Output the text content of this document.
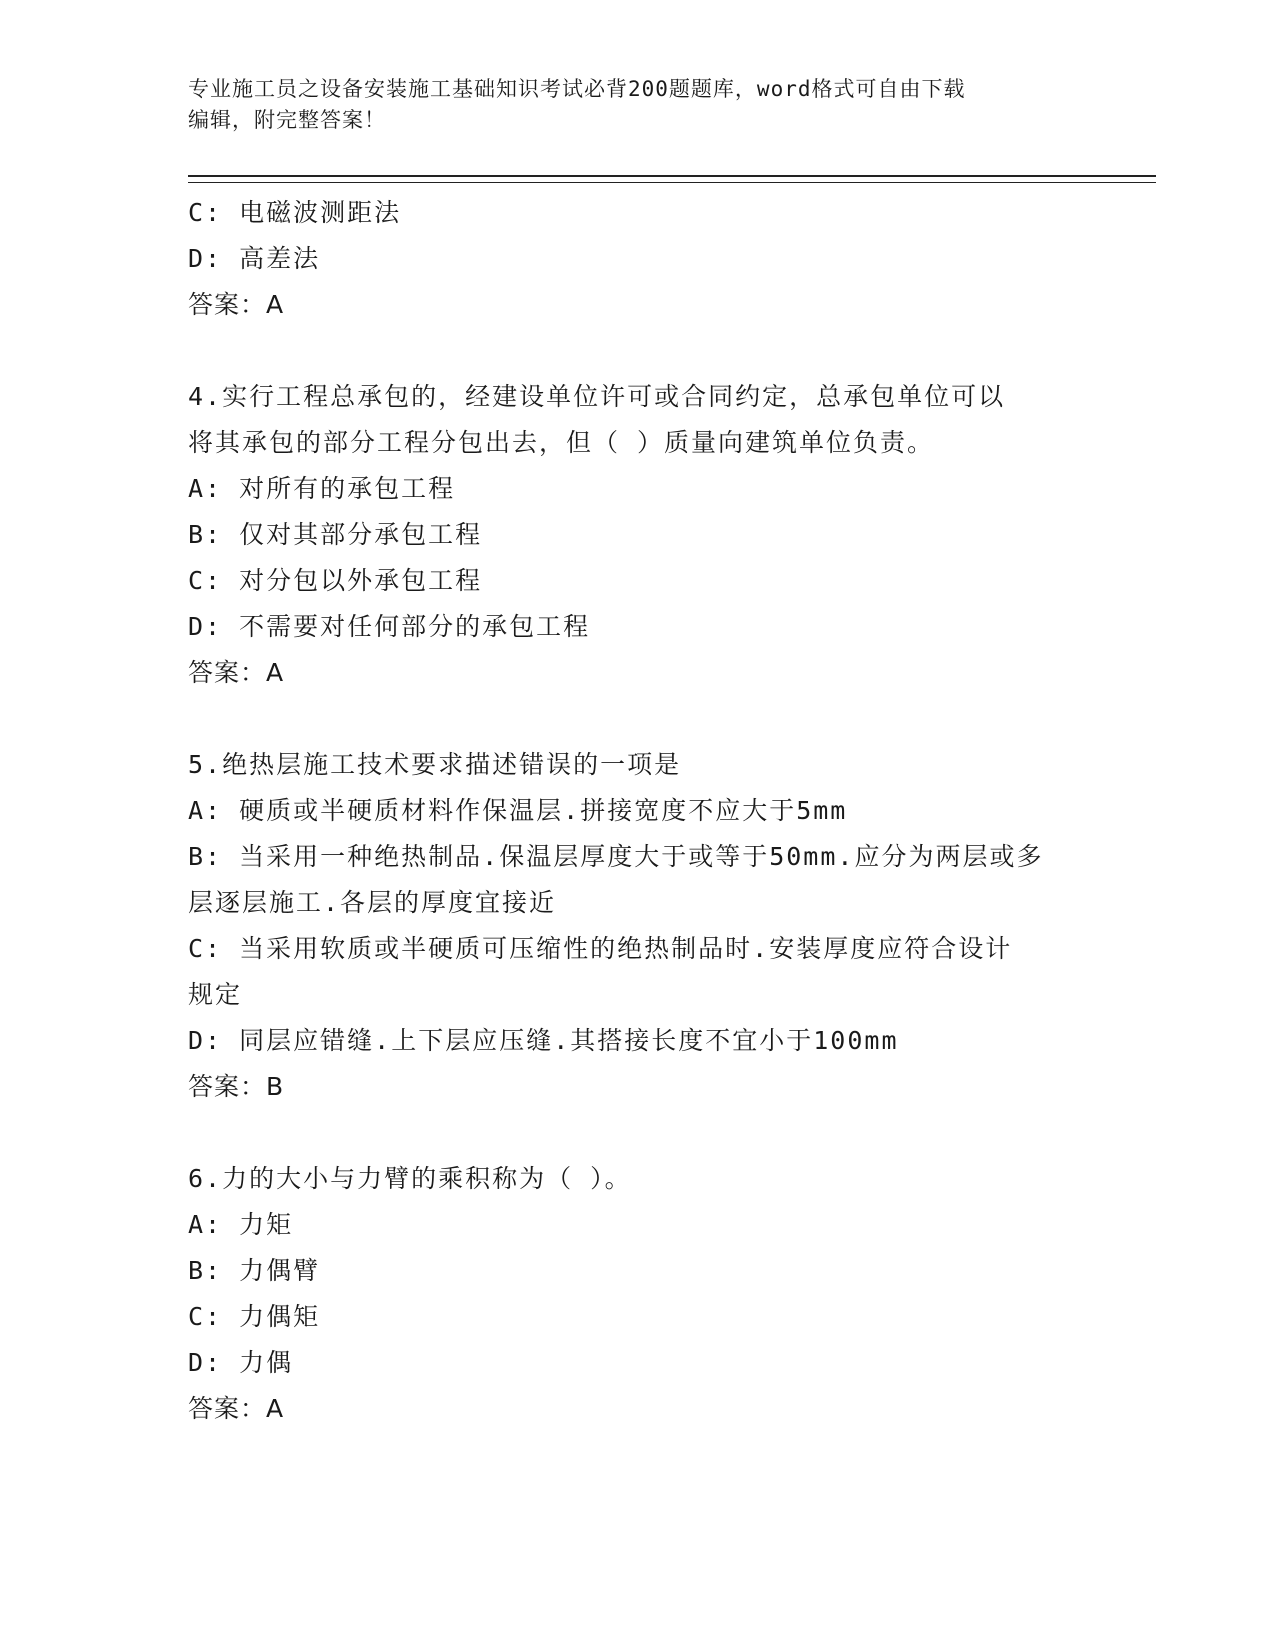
专业施工员之设备安装施工基础知识考试必背200题题库，word格式可自由下载
编辑，附完整答案！
C: 电磁波测距法
D: 高差法
答案：A
4.实行工程总承包的，经建设单位许可或合同约定，总承包单位可以
将其承包的部分工程分包出去，但（ ）质量向建筑单位负责。
A: 对所有的承包工程
B: 仅对其部分承包工程
C: 对分包以外承包工程
D: 不需要对任何部分的承包工程
答案：A
5.绝热层施工技术要求描述错误的一项是
A: 硬质或半硬质材料作保温层.拼接宽度不应大于5mm
B: 当采用一种绝热制品.保温层厚度大于或等于50mm.应分为两层或多
层逐层施工.各层的厚度宜接近
C: 当采用软质或半硬质可压缩性的绝热制品时.安装厚度应符合设计
规定
D: 同层应错缝.上下层应压缝.其搭接长度不宜小于100mm
答案：B
6.力的大小与力臂的乘积称为（ ）。
A: 力矩
B: 力偶臂
C: 力偶矩
D: 力偶
答案：A
